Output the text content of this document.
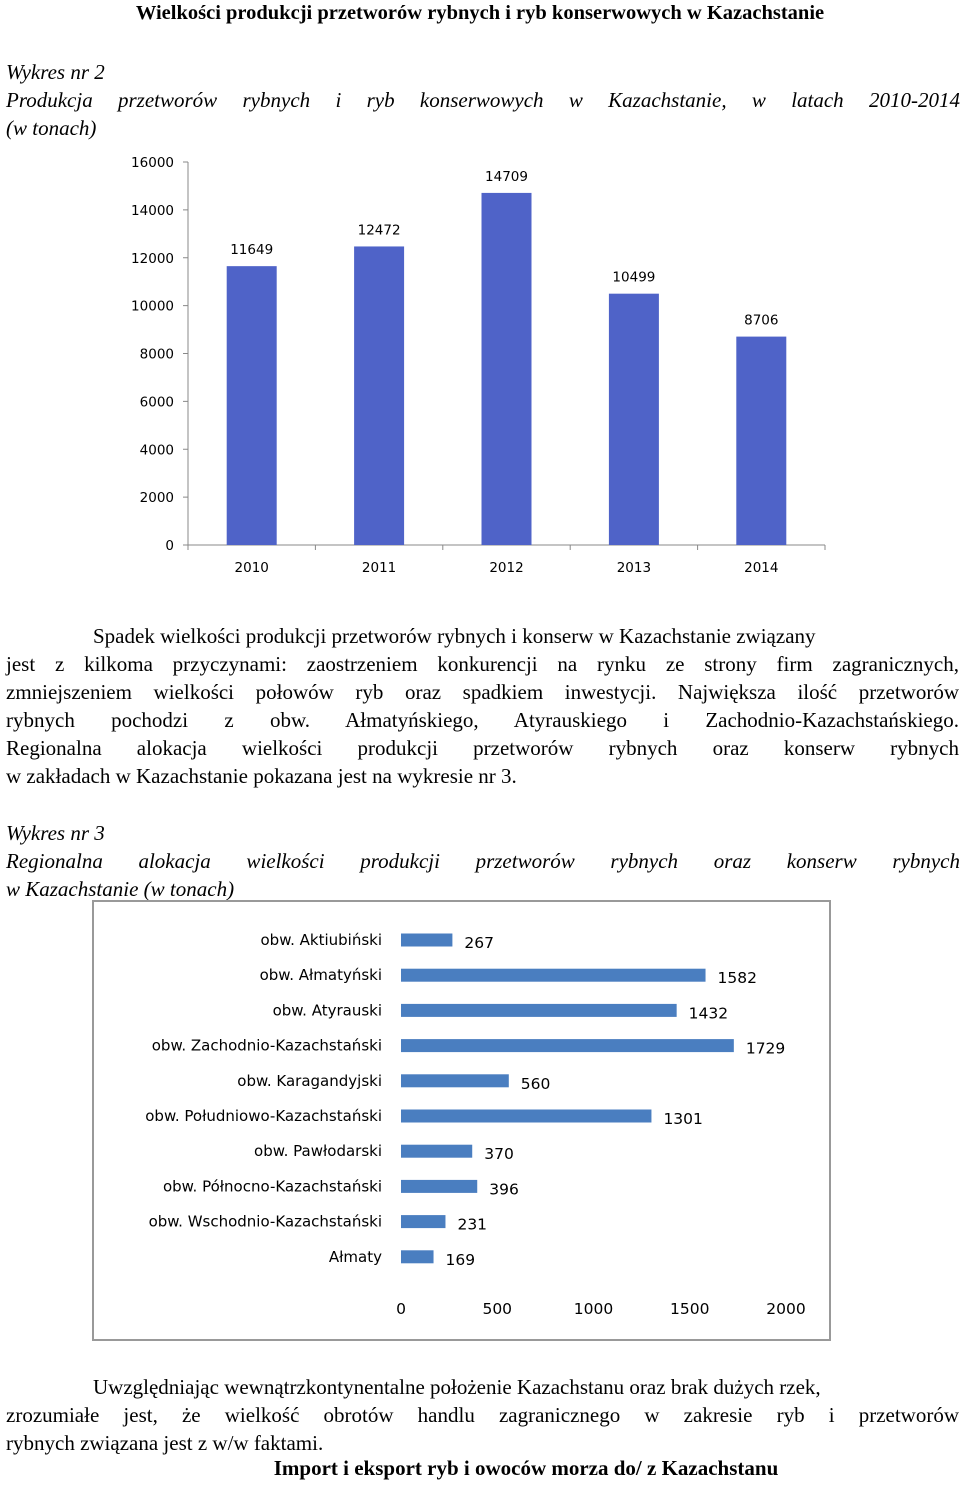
Wielkości produkcji przetworów rybnych i ryb konserwowych w Kazachstanie
Wykres nr 2
Produkcja przetworów rybnych i ryb konserwowych w Kazachstanie, w latach 2010-2014
(w tonach)
0
2000
4000
6000
8000
10000
12000
14000
16000
11649
2010
12472
2011
14709
2012
10499
2013
8706
2014
Spadek wielkości produkcji przetworów rybnych i konserw w Kazachstanie związany
jest z kilkoma przyczynami: zaostrzeniem konkurencji na rynku ze strony firm zagranicznych,
zmniejszeniem wielkości połowów ryb oraz spadkiem inwestycji. Największa ilość przetworów
rybnych pochodzi z obw. Ałmatyńskiego, Atyrauskiego i Zachodnio-Kazachstańskiego.
Regionalna alokacja wielkości produkcji przetworów rybnych oraz konserw rybnych
w zakładach w Kazachstanie pokazana jest na wykresie nr 3.
Wykres nr 3
Regionalna alokacja wielkości produkcji przetworów rybnych oraz konserw rybnych
w Kazachstanie (w tonach)
obw. Aktiubiński	267
obw. Ałmatyński	1582
obw. Atyrauski	1432
obw. Zachodnio-Kazachstański	1729
obw. Karagandyjski	560
obw. Południowo-Kazachstański	1301
obw. Pawłodarski	370
obw. Północno-Kazachstański	396
obw. Wschodnio-Kazachstański	231
Ałmaty	169
0	500	1000	1500	2000
Uwzględniając wewnątrzkontynentalne położenie Kazachstanu oraz brak dużych rzek,
zrozumiałe jest, że wielkość obrotów handlu zagranicznego w zakresie ryb i przetworów
rybnych związana jest z w/w faktami.
Import i eksport ryb i owoców morza do/ z Kazachstanu
